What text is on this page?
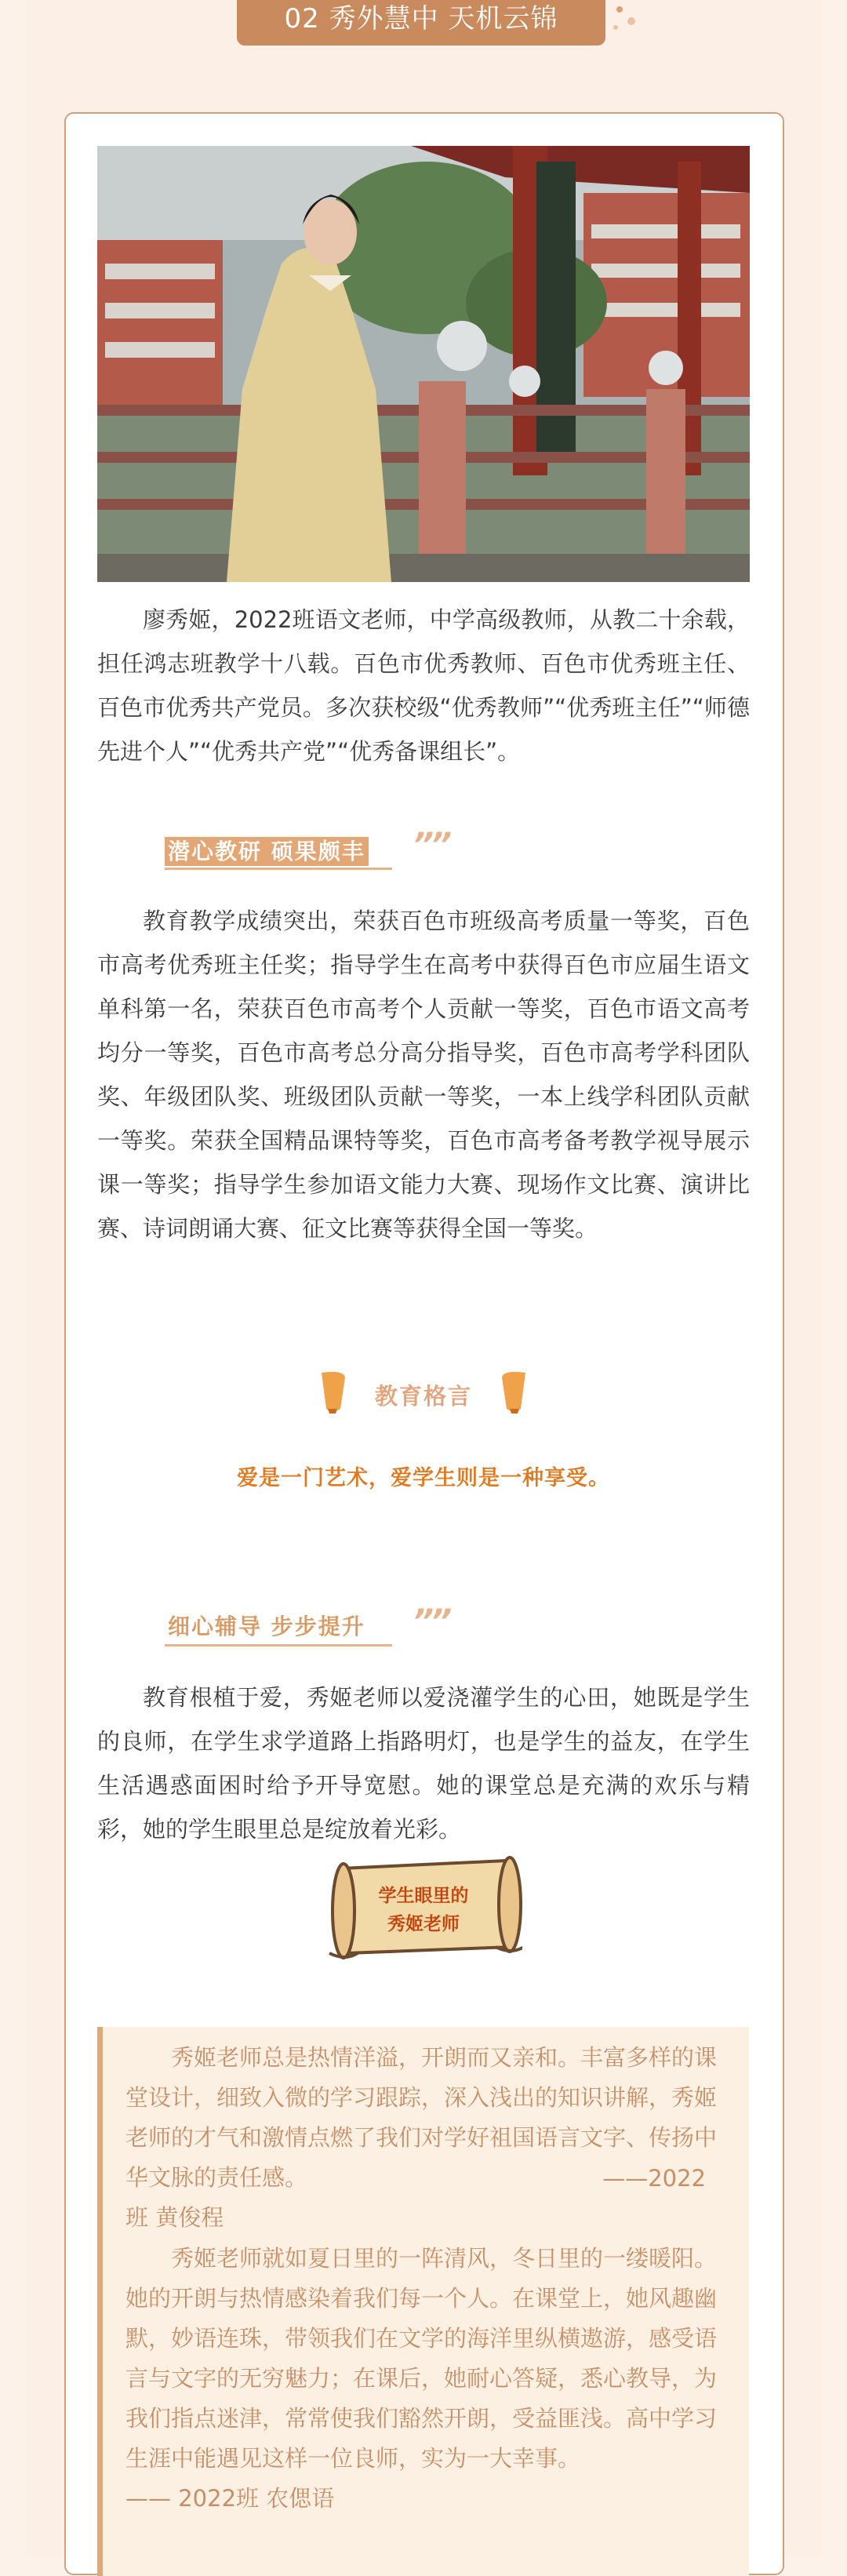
02 秀外慧中 天机云锦

廖秀姬，2022班语文老师，中学高级教师，从教二十余载，担任鸿志班教学十八载。百色市优秀教师、百色市优秀班主任、百色市优秀共产党员。多次获校级“优秀教师”“优秀班主任”“师德先进个人”“优秀共产党”“优秀备课组长”。

潜心教研 硕果颇丰 ””

教育教学成绩突出，荣获百色市班级高考质量一等奖，百色市高考优秀班主任奖；指导学生在高考中获得百色市应届生语文单科第一名，荣获百色市高考个人贡献一等奖，百色市语文高考均分一等奖，百色市高考总分高分指导奖，百色市高考学科团队奖、年级团队奖、班级团队贡献一等奖，一本上线学科团队贡献一等奖。荣获全国精品课特等奖，百色市高考备考教学视导展示课一等奖；指导学生参加语文能力大赛、现场作文比赛、演讲比赛、诗词朗诵大赛、征文比赛等获得全国一等奖。

教育格言
爱是一门艺术，爱学生则是一种享受。
细心辅导 步步提升 ””

教育根植于爱，秀姬老师以爱浇灌学生的心田，她既是学生的良师，在学生求学道路上指路明灯，也是学生的益友，在学生生活遇惑面困时给予开导宽慰。她的课堂总是充满的欢乐与精彩，她的学生眼里总是绽放着光彩。

学生眼里的
秀姬老师

秀姬老师总是热情洋溢，开朗而又亲和。丰富多样的课堂设计，细致入微的学习跟踪，深入浅出的知识讲解，秀姬老师的才气和激情点燃了我们对学好祖国语言文字、传扬中华文脉的责任感。	——2022
班 黄俊程

秀姬老师就如夏日里的一阵清风，冬日里的一缕暖阳。她的开朗与热情感染着我们每一个人。在课堂上，她风趣幽默，妙语连珠，带领我们在文学的海洋里纵横遨游，感受语言与文字的无穷魅力；在课后，她耐心答疑，悉心教导，为我们指点迷津，常常使我们豁然开朗，受益匪浅。高中学习生涯中能遇见这样一位良师，实为一大幸事。

—— 2022班 农偲语
